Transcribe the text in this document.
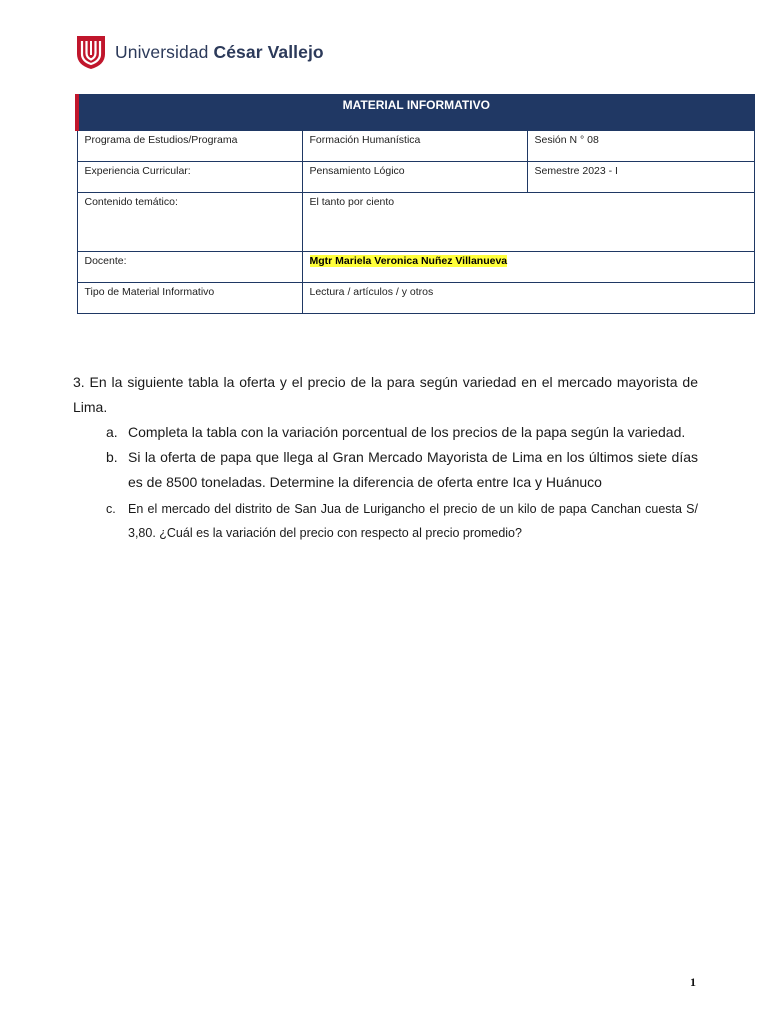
Universidad César Vallejo
MATERIAL INFORMATIVO		
Programa de Estudios/Programa	Formación Humanística	Sesión N ° 08
Experiencia Curricular:	Pensamiento Lógico	Semestre 2023 - I
Contenido temático:	El tanto por ciento	
Docente:	Mgtr Mariela Veronica Nuñez Villanueva	
Tipo de Material Informativo	Lectura / artículos / y otros	

3. En la siguiente tabla la oferta y el precio de la para según variedad en el mercado mayorista de Lima.

a. Completa la tabla con la variación porcentual de los precios de la papa según la variedad.
b. Si la oferta de papa que llega al Gran Mercado Mayorista de Lima en los últimos siete días es de 8500 toneladas. Determine la diferencia de oferta entre Ica y Huánuco
c. En el mercado del distrito de San Jua de Lurigancho el precio de un kilo de papa Canchan cuesta S/ 3,80. ¿Cuál es la variación del precio con respecto al precio promedio?
1
